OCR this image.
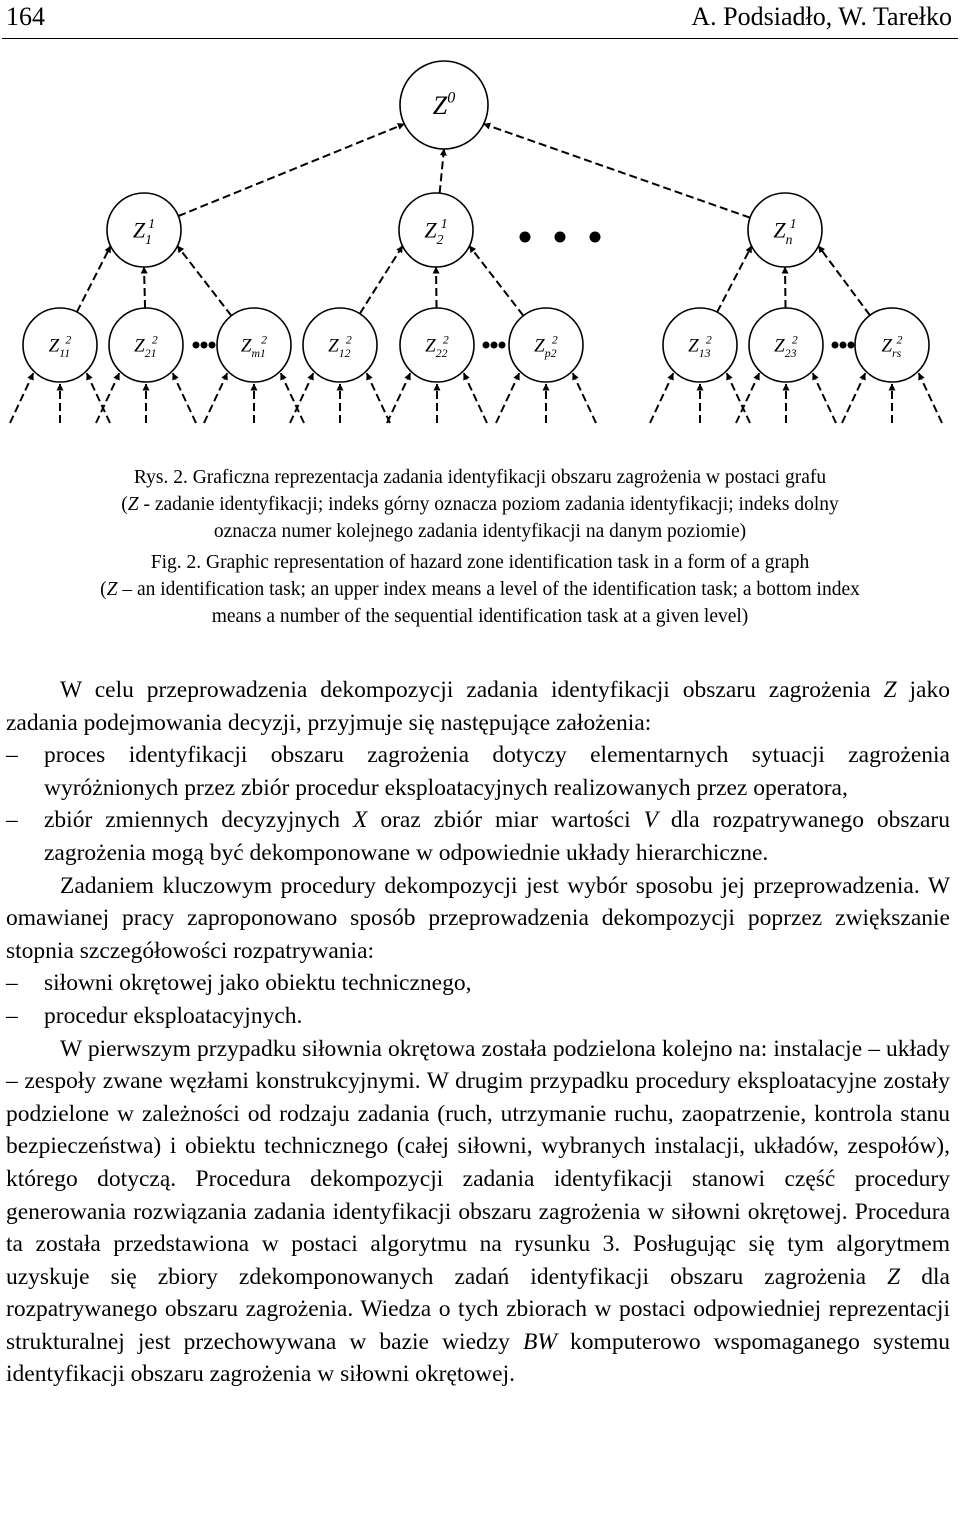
164	A. Podsiadło, W. Tarełko
$Z^0$
$Z_11$	$Z_21$	$Z_n1$
$Z_{11}2$	$Z_{21}2$	$Z_{m1}2$	$Z_{12}2$	$Z_{22}2$	$Z_{p2}2$	$Z_{13}2$	$Z_{23}2$	$Z_{rs}2$
Rys. 2. Graficzna reprezentacja zadania identyfikacji obszaru zagrożenia w postaci grafu
(Z - zadanie identyfikacji; indeks górny oznacza poziom zadania identyfikacji; indeks dolny
oznacza numer kolejnego zadania identyfikacji na danym poziomie)
Fig. 2. Graphic representation of hazard zone identification task in a form of a graph
(Z – an identification task; an upper index means a level of the identification task; a bottom index
means a number of the sequential identification task at a given level)

W celu przeprowadzenia dekompozycji zadania identyfikacji obszaru zagrożenia Z jako zadania podejmowania decyzji, przyjmuje się następujące założenia:

–	proces identyfikacji obszaru zagrożenia dotyczy elementarnych sytuacji zagrożenia wyróżnionych przez zbiór procedur eksploatacyjnych realizowanych przez operatora,

–	zbiór zmiennych decyzyjnych X oraz zbiór miar wartości V dla rozpatrywanego obszaru zagrożenia mogą być dekomponowane w odpowiednie układy hierarchiczne.

Zadaniem kluczowym procedury dekompozycji jest wybór sposobu jej przeprowadzenia. W omawianej pracy zaproponowano sposób przeprowadzenia dekompozycji poprzez zwiększanie stopnia szczegółowości rozpatrywania:

–	siłowni okrętowej jako obiektu technicznego,

–	procedur eksploatacyjnych.

W pierwszym przypadku siłownia okrętowa została podzielona kolejno na: instalacje – układy – zespoły zwane węzłami konstrukcyjnymi. W drugim przypadku procedury eksploatacyjne zostały podzielone w zależności od rodzaju zadania (ruch, utrzymanie ruchu, zaopatrzenie, kontrola stanu bezpieczeństwa) i obiektu technicznego (całej siłowni, wybranych instalacji, układów, zespołów), którego dotyczą. Procedura dekompozycji zadania identyfikacji stanowi część procedury generowania rozwiązania zadania identyfikacji obszaru zagrożenia w siłowni okrętowej. Procedura ta została przedstawiona w postaci algorytmu na rysunku 3. Posługując się tym algorytmem uzyskuje się zbiory zdekomponowanych zadań identyfikacji obszaru zagrożenia Z dla rozpatrywanego obszaru zagrożenia. Wiedza o tych zbiorach w postaci odpowiedniej reprezentacji strukturalnej jest przechowywana w bazie wiedzy BW komputerowo wspomaganego systemu identyfikacji obszaru zagrożenia w siłowni okrętowej.
